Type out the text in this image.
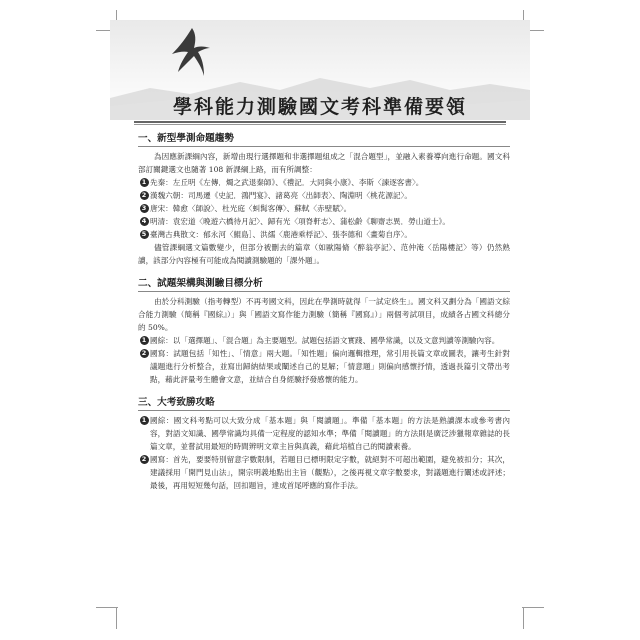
學科能力測驗國文考科準備要領
一、新型學測命題趨勢
為因應新課綱內容，新增由現行選擇題和非選擇題組成之「混合題型」，並融入素養導向進行命題。國文科部訂關鍵選文也隨著 108 新課綱上路，而有所調整：
1 先秦：左丘明《左傳．燭之武退秦師》、《禮記．大同與小康》、李斯〈諫逐客書〉。
2 漢魏六朝：司馬遷《史記．鴻門宴》、諸葛亮〈出師表〉、陶淵明〈桃花源記〉。
3 唐宋：韓愈〈師說〉、杜光庭〈虯髯客傳〉、蘇軾〈赤壁賦〉。
4 明清：袁宏道〈晚遊六橋待月記〉、歸有光〈項脊軒志〉、蒲松齡《聊齋志異．勞山道士》。
5 臺灣古典散文：郁永河〈鯤島］、洪繻〈鹿港乘桴記〉、張李德和〈畫菊自序〉。
儘管課綱選文篇數變少，但部分被刪去的篇章（如歐陽脩〈醉翁亭記〉、范仲淹〈岳陽樓記〉等）仍然熟讀，該部分內容極有可能成為閱讀測驗題的「課外題」。
二、試題架構與測驗目標分析
由於分科測驗（指考轉型）不再考國文科，因此在學測時就得「一試定終生」。國文科又劃分為「國語文綜合能力測驗（簡稱『國綜』）」與「國語文寫作能力測驗（簡稱『國寫』）」兩個考試項目，成績各占國文科總分的 50%。
1 國綜：以「選擇題」、「混合題」為主要題型。試題包括語文實踐、國學常識，以及文意判讀等測驗內容。
2 國寫：試題包括「知性」、「情意」兩大題。「知性題」偏向邏輯推理，常引用長篇文章或圖表，讓考生針對議題進行分析整合，並寫出歸納結果或闡述自己的見解；「情意題」則偏向感懷抒情，透過長篇引文帶出考點，藉此評量考生體會文意，並結合自身經驗抒發感懷的能力。
三、大考致勝攻略
1 國綜：國文科考點可以大致分成「基本題」與「閱讀題」。準備「基本題」的方法是熟讀課本或參考書內容，對語文知識、國學常識均具備一定程度的認知水準；準備「閱讀題」的方法則是廣泛涉獵報章雜誌的長篇文章，並嘗試用最短的時間辨明文章主旨與真義，藉此培植自己的閱讀素養。
2 國寫：首先，要要特別留意字數限制，若題目已標明限定字數，就絕對不可超出範圍，避免被扣分；其次，建議採用「開門見山法」，開宗明義地點出主旨（觀點），之後再視文章字數要求，對議題進行闡述或評述；最後，再用短短幾句話，回扣題旨，達成首尾呼應的寫作手法。
